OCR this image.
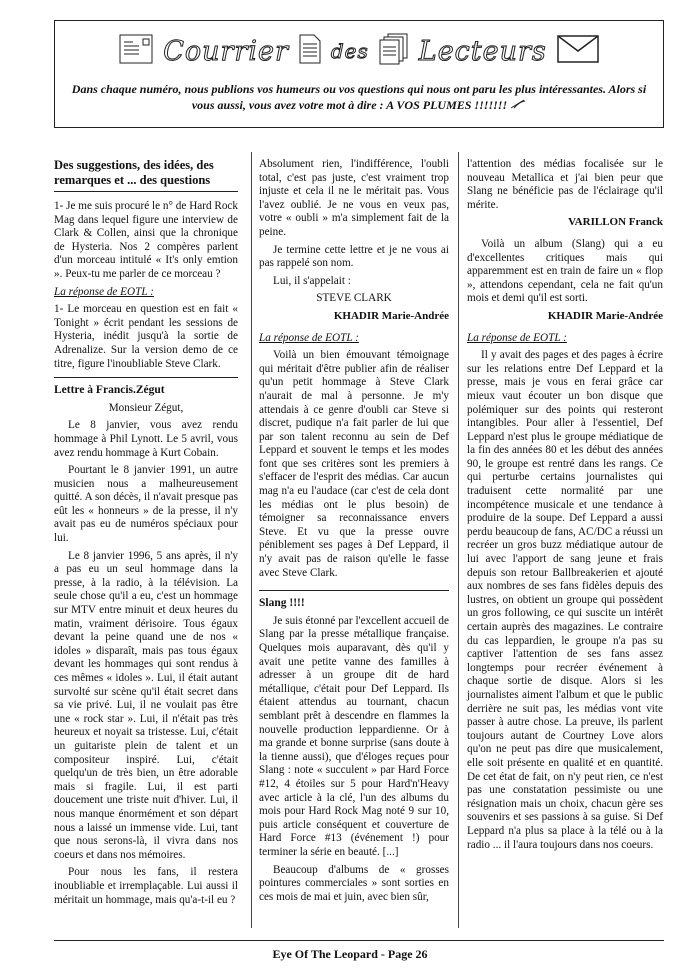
Courrier des Lecteurs
Dans chaque numéro, nous publions vos humeurs ou vos questions qui nous ont paru les plus intéressantes. Alors si vous aussi, vous avez votre mot à dire : A VOS PLUMES !!!!!!!
Des suggestions, des idées, des remarques et ... des questions

1- Je me suis procuré le n° de Hard Rock Mag dans lequel figure une interview de Clark & Collen, ainsi que la chronique de Hysteria. Nos 2 compères parlent d'un morceau intitulé « It's only emtion ». Peux-tu me parler de ce morceau ?

La réponse de EOTL :

1- Le morceau en question est en fait « Tonight » écrit pendant les sessions de Hysteria, inédit jusqu'à la sortie de Adrenalize. Sur la version demo de ce titre, figure l'inoubliable Steve Clark.

Lettre à Francis.Zégut

Monsieur Zégut,

Le 8 janvier, vous avez rendu hommage à Phil Lynott. Le 5 avril, vous avez rendu hommage à Kurt Cobain.

Pourtant le 8 janvier 1991, un autre musicien nous a malheureusement quitté. A son décès, il n'avait presque pas eût les « honneurs » de la presse, il n'y avait pas eu de numéros spéciaux pour lui.

Le 8 janvier 1996, 5 ans après, il n'y a pas eu un seul hommage dans la presse, à la radio, à la télévision. La seule chose qu'il a eu, c'est un hommage sur MTV entre minuit et deux heures du matin, vraiment dérisoire. Tous égaux devant la peine quand une de nos « idoles » disparaît, mais pas tous égaux devant les hommages qui sont rendus à ces mêmes « idoles ». Lui, il était autant survolté sur scène qu'il était secret dans sa vie privé. Lui, il ne voulait pas être une « rock star ». Lui, il n'était pas très heureux et noyait sa tristesse. Lui, c'était un guitariste plein de talent et un compositeur inspiré. Lui, c'était quelqu'un de très bien, un être adorable mais si fragile. Lui, il est parti doucement une triste nuit d'hiver. Lui, il nous manque énormément et son départ nous a laissé un immense vide. Lui, tant que nous serons-là, il vivra dans nos coeurs et dans nos mémoires.

Pour nous les fans, il restera inoubliable et irremplaçable. Lui aussi il méritait un hommage, mais qu'a-t-il eu ?

Absolument rien, l'indifférence, l'oubli total, c'est pas juste, c'est vraiment trop injuste et cela il ne le méritait pas. Vous l'avez oublié. Je ne vous en veux pas, votre « oubli » m'a simplement fait de la peine.

Je termine cette lettre et je ne vous ai pas rappelé son nom.

Lui, il s'appelait :

STEVE CLARK

KHADIR Marie-Andrée

La réponse de EOTL :

Voilà un bien émouvant témoignage qui méritait d'être publier afin de réaliser qu'un petit hommage à Steve Clark n'aurait de mal à personne. Je m'y attendais à ce genre d'oubli car Steve si discret, pudique n'a fait parler de lui que par son talent reconnu au sein de Def Leppard et souvent le temps et les modes font que ses critères sont les premiers à s'effacer de l'esprit des médias. Car aucun mag n'a eu l'audace (car c'est de cela dont les médias ont le plus besoin) de témoigner sa reconnaissance envers Steve. Et vu que la presse ouvre péniblement ses pages à Def Leppard, il n'y avait pas de raison qu'elle le fasse avec Steve Clark.

Slang !!!!

Je suis étonné par l'excellent accueil de Slang par la presse métallique française. Quelques mois auparavant, dès qu'il y avait une petite vanne des familles à adresser à un groupe dit de hard métallique, c'était pour Def Leppard. Ils étaient attendus au tournant, chacun semblant prêt à descendre en flammes la nouvelle production leppardienne. Or à ma grande et bonne surprise (sans doute à la tienne aussi), que d'éloges reçues pour Slang : note « succulent » par Hard Force #12, 4 étoiles sur 5 pour Hard'n'Heavy avec article à la clé, l'un des albums du mois pour Hard Rock Mag noté 9 sur 10, puis article conséquent et couverture de Hard Force #13 (événement !) pour terminer la série en beauté. [...]

Beaucoup d'albums de « grosses pointures commerciales » sont sorties en ces mois de mai et juin, avec bien sûr,

l'attention des médias focalisée sur le nouveau Metallica et j'ai bien peur que Slang ne bénéficie pas de l'éclairage qu'il mérite.

VARILLON Franck

Voilà un album (Slang) qui a eu d'excellentes critiques mais qui apparemment est en train de faire un « flop », attendons cependant, cela ne fait qu'un mois et demi qu'il est sorti.

KHADIR Marie-Andrée

La réponse de EOTL :

Il y avait des pages et des pages à écrire sur les relations entre Def Leppard et la presse, mais je vous en ferai grâce car mieux vaut écouter un bon disque que polémiquer sur des points qui resteront intangibles. Pour aller à l'essentiel, Def Leppard n'est plus le groupe médiatique de la fin des années 80 et les début des années 90, le groupe est rentré dans les rangs. Ce qui perturbe certains journalistes qui traduisent cette normalité par une incompétence musicale et une tendance à produire de la soupe. Def Leppard a aussi perdu beaucoup de fans, AC/DC a réussi un recréer un gros buzz médiatique autour de lui avec l'apport de sang jeune et frais depuis son retour Ballbreakerien et ajouté aux nombres de ses fans fidèles depuis des lustres, on obtient un groupe qui possèdent un gros following, ce qui suscite un intérêt certain auprès des magazines. Le contraire du cas leppardien, le groupe n'a pas su captiver l'attention de ses fans assez longtemps pour recréer événement à chaque sortie de disque. Alors si les journalistes aiment l'album et que le public derrière ne suit pas, les médias vont vite passer à autre chose. La preuve, ils parlent toujours autant de Courtney Love alors qu'on ne peut pas dire que musicalement, elle soit présente en qualité et en quantité. De cet état de fait, on n'y peut rien, ce n'est pas une constatation pessimiste ou une résignation mais un choix, chacun gère ses souvenirs et ses passions à sa guise. Si Def Leppard n'a plus sa place à la télé ou à la radio ... il l'aura toujours dans nos coeurs.

Eye Of The Leopard - Page 26
